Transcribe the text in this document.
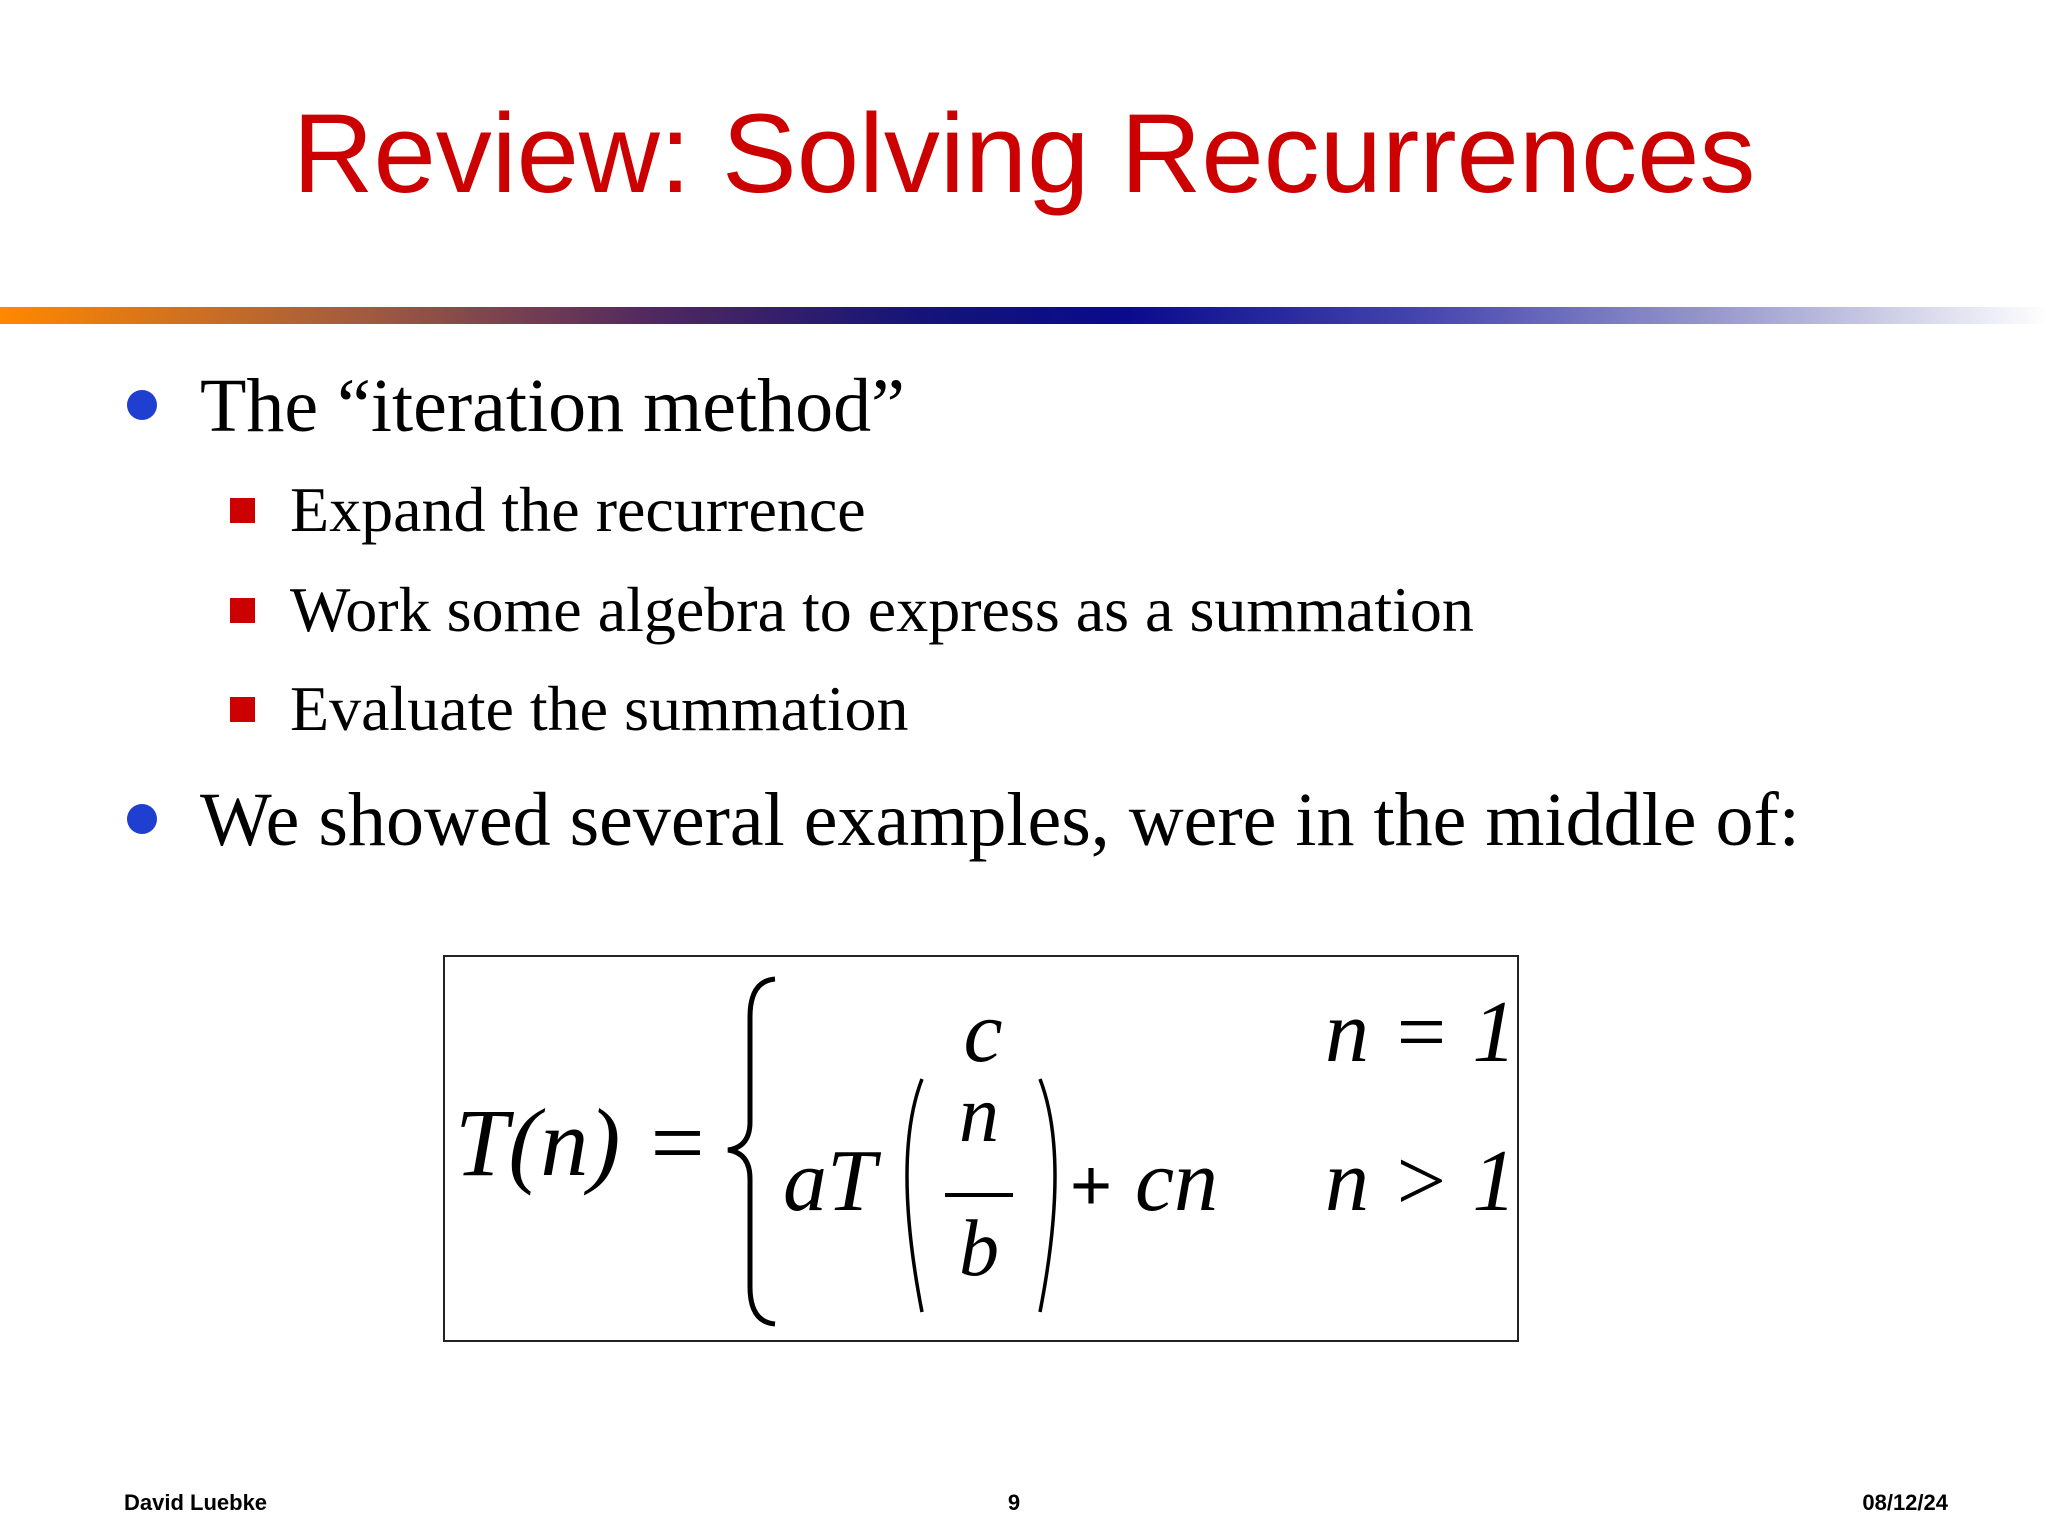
Review: Solving Recurrences
The “iteration method”
Expand the recurrence
Work some algebra to express as a summation
Evaluate the summation
We showed several examples, were in the middle of:
T(n) =
c	n = 1
aT
n
b
+ cn n > 1
David Luebke	9	08/12/24
